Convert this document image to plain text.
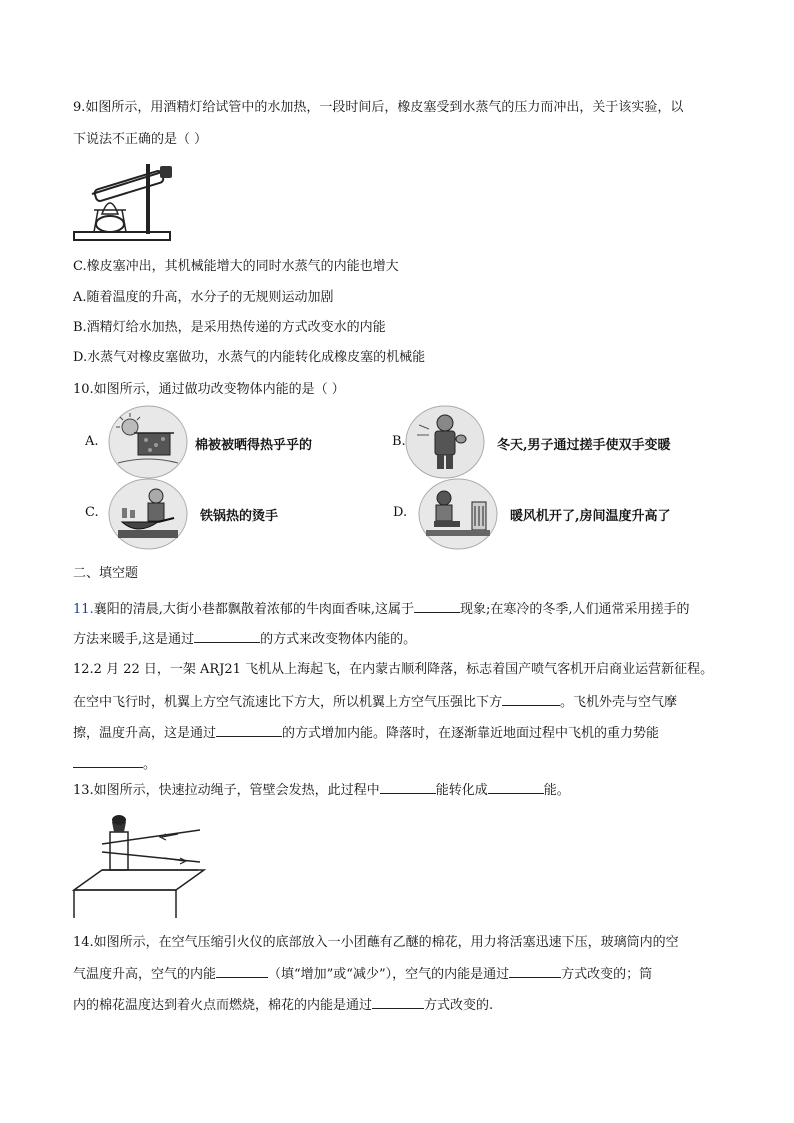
9.如图所示，用酒精灯给试管中的水加热，一段时间后，橡皮塞受到水蒸气的压力而冲出，关于该实验，以
下说法不正确的是（ ）
C.橡皮塞冲出，其机械能增大的同时水蒸气的内能也增大
A.随着温度的升高，水分子的无规则运动加剧
B.酒精灯给水加热，是采用热传递的方式改变水的内能
D.水蒸气对橡皮塞做功，水蒸气的内能转化成橡皮塞的机械能
10.如图所示，通过做功改变物体内能的是（ ）
A.	棉被被晒得热乎乎的	B.	冬天,男子通过搓手使双手变暖
C.	铁锅热的烫手	D.	暖风机开了,房间温度升高了
二、填空题
11.襄阳的清晨,大街小巷都飘散着浓郁的牛肉面香味,这属于	现象;在寒冷的冬季,人们通常采用搓手的
方法来暖手,这是通过	的方式来改变物体内能的。
12.2 月 22 日，一架 ARJ21 飞机从上海起飞，在内蒙古顺利降落，标志着国产喷气客机开启商业运营新征程。
在空中飞行时，机翼上方空气流速比下方大，所以机翼上方空气压强比下方	。飞机外壳与空气摩
擦，温度升高，这是通过	的方式增加内能。降落时，在逐渐靠近地面过程中飞机的重力势能
。
13.如图所示，快速拉动绳子，管壁会发热，此过程中	能转化成	能。
14.如图所示，在空气压缩引火仪的底部放入一小团蘸有乙醚的棉花，用力将活塞迅速下压，玻璃筒内的空
气温度升高，空气的内能	（填“增加”或“减少”），空气的内能是通过	方式改变的；筒
内的棉花温度达到着火点而燃烧，棉花的内能是通过	方式改变的.
